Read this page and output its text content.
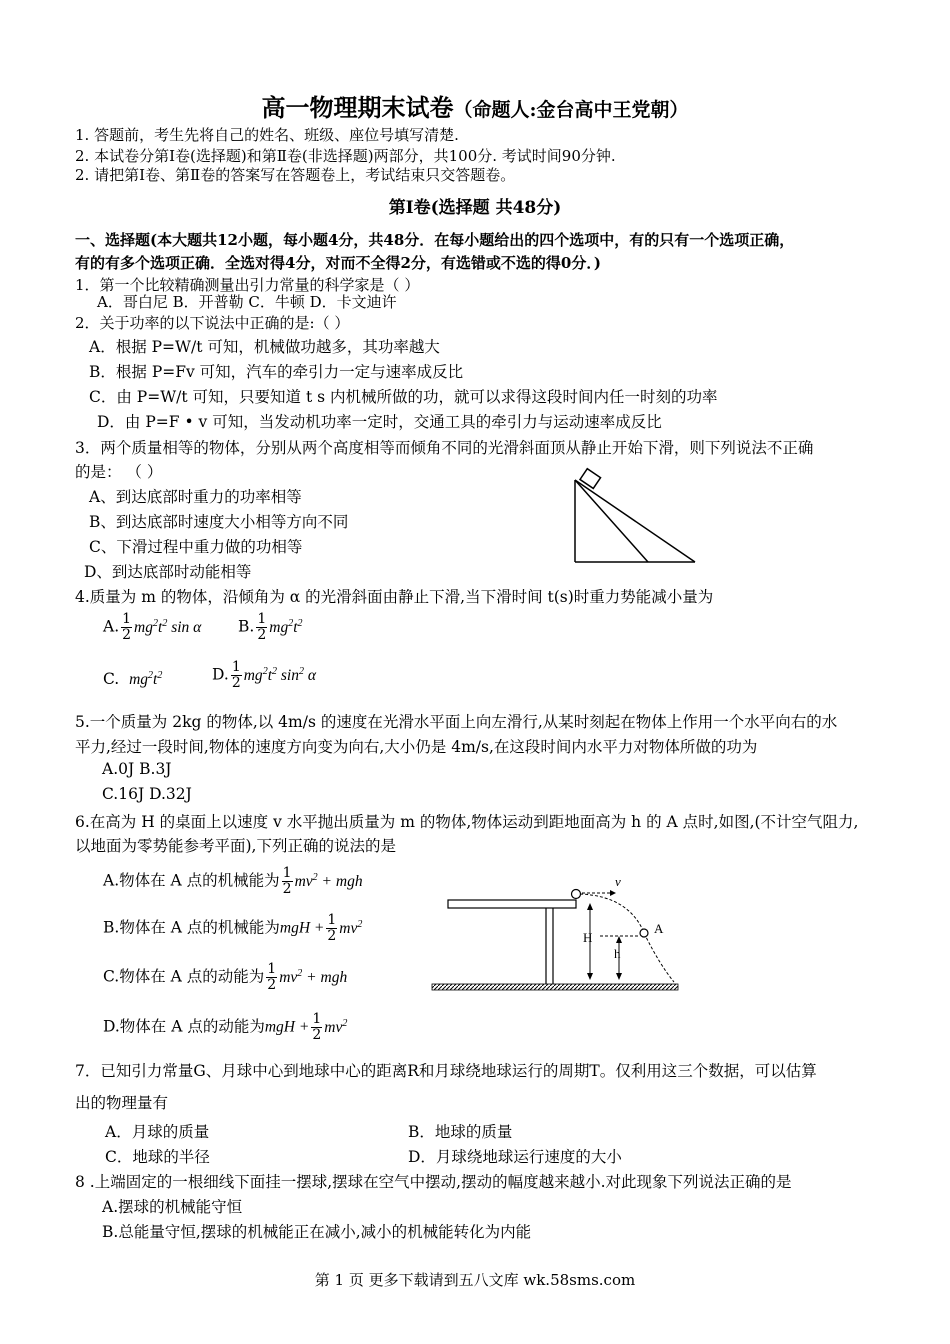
高一物理期末试卷（命题人:金台高中王党朝）
1. 答题前，考生先将自己的姓名、班级、座位号填写清楚.
2. 本试卷分第Ⅰ卷(选择题)和第Ⅱ卷(非选择题)两部分，共100分. 考试时间90分钟.
2. 请把第Ⅰ卷、第Ⅱ卷的答案写在答题卷上，考试结束只交答题卷。
第Ⅰ卷(选择题 共48分)
一、选择题(本大题共12小题，每小题4分，共48分．在每小题给出的四个选项中，有的只有一个选项正确，
有的有多个选项正确．全选对得4分，对而不全得2分，有选错或不选的得0分．)
1．第一个比较精确测量出引力常量的科学家是（ ）
A．哥白尼 B．开普勒 C．牛顿 D．卡文迪许
2．关于功率的以下说法中正确的是:（ ）
A．根据 P=W/t 可知，机械做功越多，其功率越大
B．根据 P=Fv 可知，汽车的牵引力一定与速率成反比
C．由 P=W/t 可知，只要知道 t s 内机械所做的功，就可以求得这段时间内任一时刻的功率
D．由 P=F • v 可知，当发动机功率一定时，交通工具的牵引力与运动速率成反比
3．两个质量相等的物体，分别从两个高度相等而倾角不同的光滑斜面顶从静止开始下滑，则下列说法不正确
的是： （ ）
A、到达底部时重力的功率相等
B、到达底部时速度大小相等方向不同
C、下滑过程中重力做的功相等
D、到达底部时动能相等
4.质量为 m 的物体，沿倾角为 α 的光滑斜面由静止下滑,当下滑时间 t(s)时重力势能减小量为
A. $\frac{1}{2} mg^2t^2$ sin α B. $\frac{1}{2} mg^2t^2$
C. $mg^2t^2$	D. $\frac{1}{2} mg^2t^2$ $\sin^2 \alpha$
5.一个质量为 2kg 的物体,以 4m/s 的速度在光滑水平面上向左滑行,从某时刻起在物体上作用一个水平向右的水
平力,经过一段时间,物体的速度方向变为向右,大小仍是 4m/s,在这段时间内水平力对物体所做的功为
A.0J B.3J
C.16J D.32J
6.在高为 H 的桌面上以速度 v 水平抛出质量为 m 的物体,物体运动到距地面高为 h 的 A 点时,如图,(不计空气阻力,
以地面为零势能参考平面),下列正确的说法的是
A.物体在 A 点的机械能为 $\frac{1}{2} mv^2$ + mgh
B.物体在 A 点的机械能为mgH + $\frac{1}{2} mv^2$
C.物体在 A 点的动能为 $\frac{1}{2} mv^2$ + mgh
D.物体在 A 点的动能为mgH + $\frac{1}{2} mv^2$
v
H
h
A
7．已知引力常量G、月球中心到地球中心的距离R和月球绕地球运行的周期T。仅利用这三个数据，可以估算
出的物理量有
A．月球的质量	B．地球的质量
C．地球的半径	D．月球绕地球运行速度的大小
8 .上端固定的一根细线下面挂一摆球,摆球在空气中摆动,摆动的幅度越来越小.对此现象下列说法正确的是
A.摆球的机械能守恒
B.总能量守恒,摆球的机械能正在减小,减小的机械能转化为内能
第 1 页 更多下载请到五八文库 wk.58sms.com
